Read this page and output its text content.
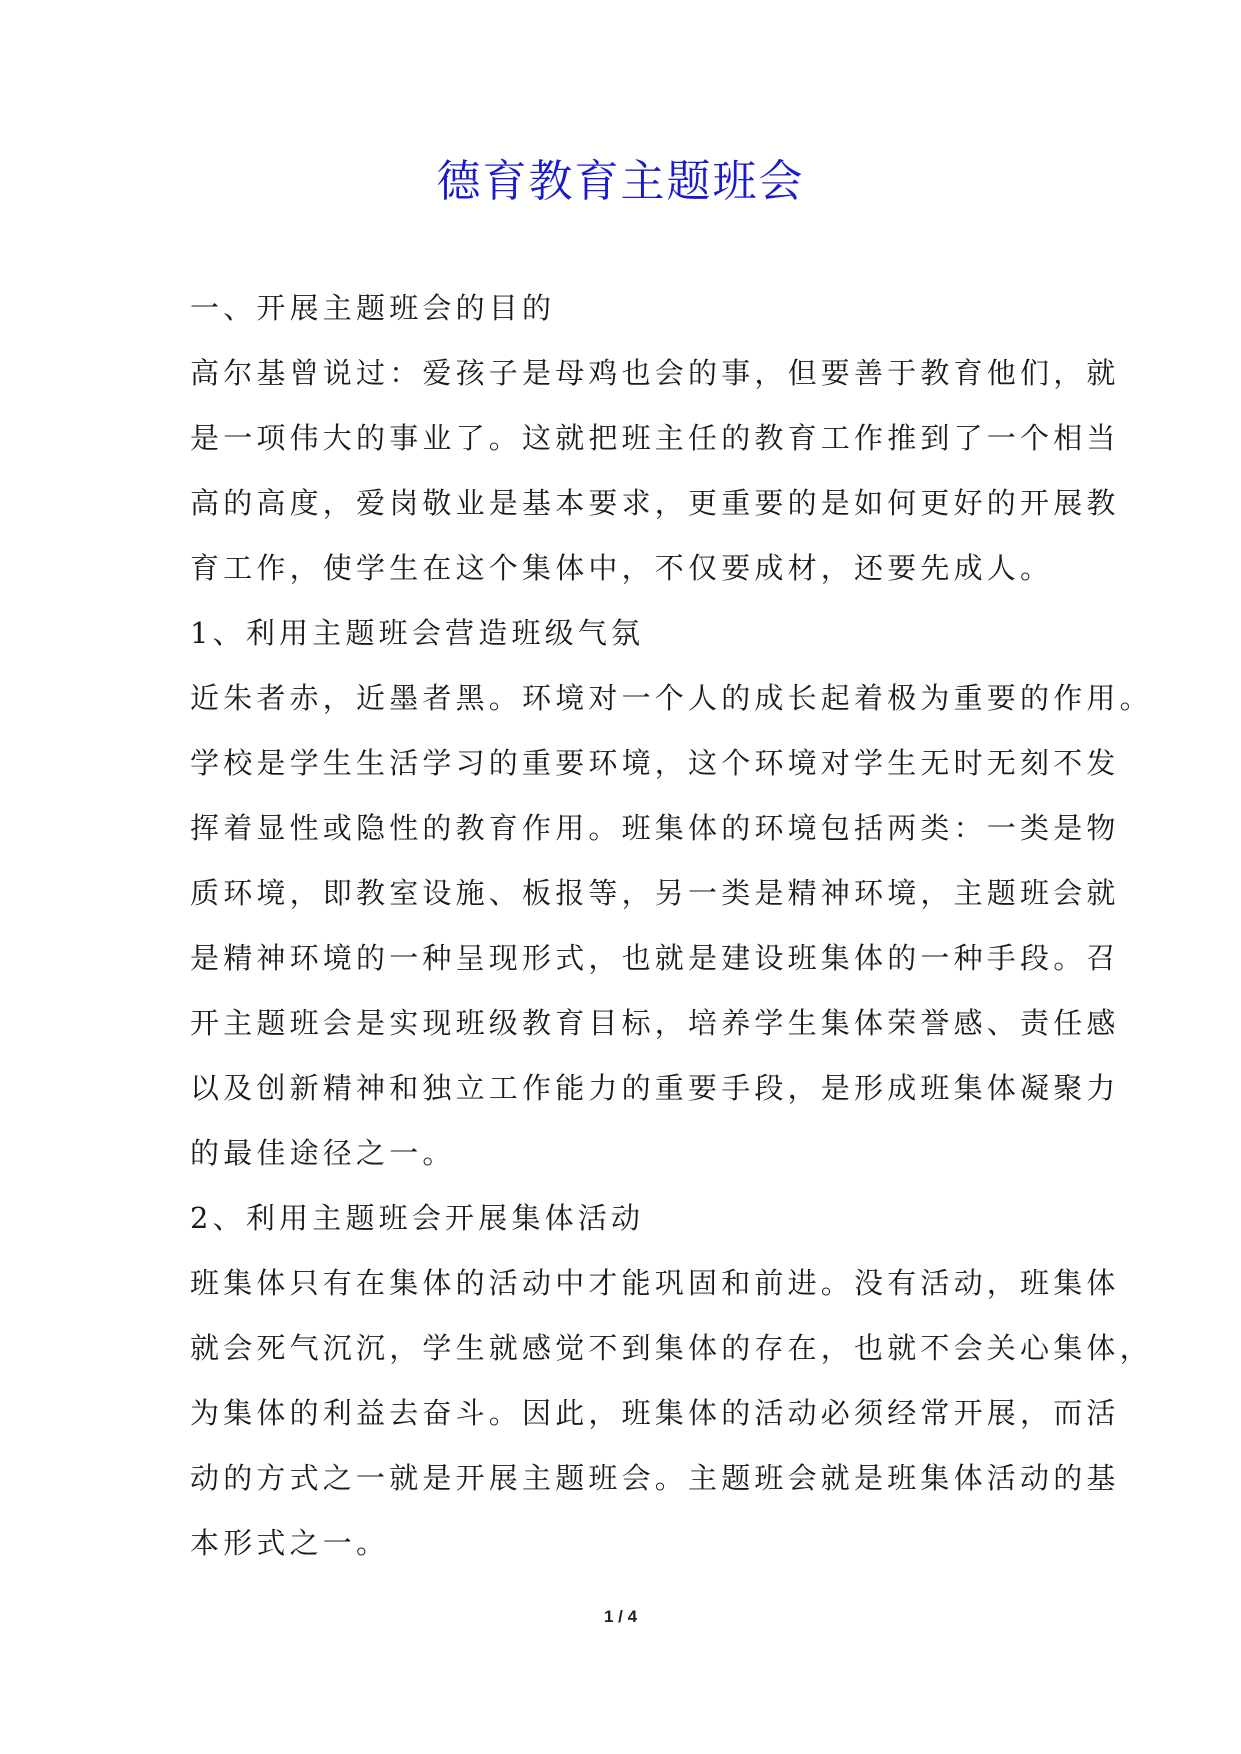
德育教育主题班会
一、开展主题班会的目的
高尔基曾说过：爱孩子是母鸡也会的事，但要善于教育他们，就
是一项伟大的事业了。这就把班主任的教育工作推到了一个相当
高的高度，爱岗敬业是基本要求，更重要的是如何更好的开展教
育工作，使学生在这个集体中，不仅要成材，还要先成人。
1、利用主题班会营造班级气氛
近朱者赤，近墨者黑。环境对一个人的成长起着极为重要的作用。
学校是学生生活学习的重要环境，这个环境对学生无时无刻不发
挥着显性或隐性的教育作用。班集体的环境包括两类：一类是物
质环境，即教室设施、板报等，另一类是精神环境，主题班会就
是精神环境的一种呈现形式，也就是建设班集体的一种手段。召
开主题班会是实现班级教育目标，培养学生集体荣誉感、责任感
以及创新精神和独立工作能力的重要手段，是形成班集体凝聚力
的最佳途径之一。
2、利用主题班会开展集体活动
班集体只有在集体的活动中才能巩固和前进。没有活动，班集体
就会死气沉沉，学生就感觉不到集体的存在，也就不会关心集体，
为集体的利益去奋斗。因此，班集体的活动必须经常开展，而活
动的方式之一就是开展主题班会。主题班会就是班集体活动的基
本形式之一。
1 / 4
